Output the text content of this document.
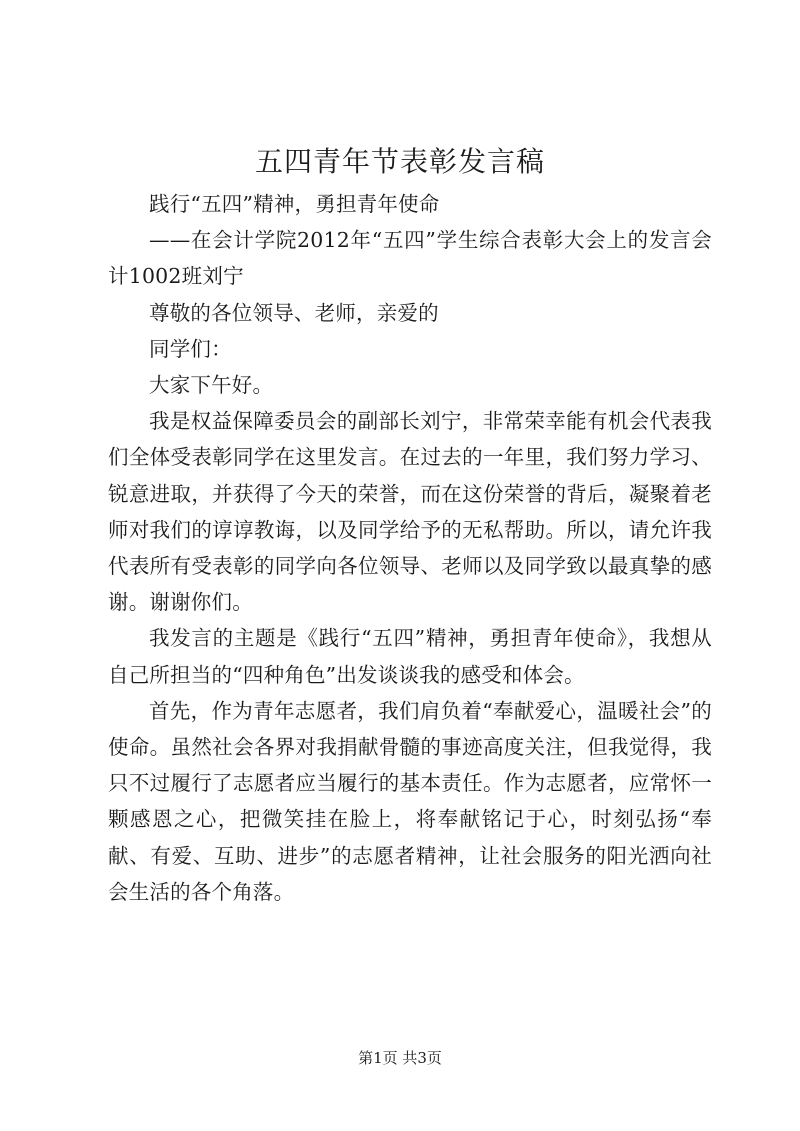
五四青年节表彰发言稿

践行“五四”精神，勇担青年使命

——在会计学院2012年“五四”学生综合表彰大会上的发言会计1002班刘宁

尊敬的各位领导、老师，亲爱的

同学们：

大家下午好。

我是权益保障委员会的副部长刘宁，非常荣幸能有机会代表我们全体受表彰同学在这里发言。在过去的一年里，我们努力学习、锐意进取，并获得了今天的荣誉，而在这份荣誉的背后，凝聚着老师对我们的谆谆教诲，以及同学给予的无私帮助。所以，请允许我代表所有受表彰的同学向各位领导、老师以及同学致以最真挚的感谢。谢谢你们。

我发言的主题是《践行“五四”精神，勇担青年使命》，我想从自己所担当的“四种角色”出发谈谈我的感受和体会。

首先，作为青年志愿者，我们肩负着“奉献爱心，温暖社会”的使命。虽然社会各界对我捐献骨髓的事迹高度关注，但我觉得，我只不过履行了志愿者应当履行的基本责任。作为志愿者，应常怀一颗感恩之心，把微笑挂在脸上，将奉献铭记于心，时刻弘扬“奉献、有爱、互助、进步”的志愿者精神，让社会服务的阳光洒向社会生活的各个角落。

第1页 共3页
